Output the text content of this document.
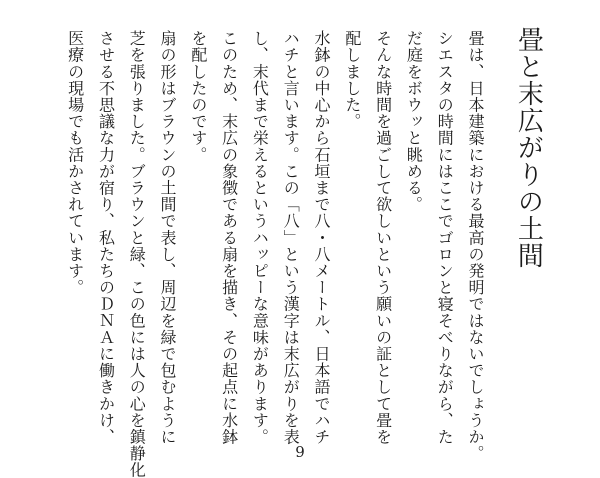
畳と末広がりの土間
畳は、日本建築における最高の発明ではないでしょうか。
シエスタの時間にはここでゴロンと寝そべりながら、た
だ庭をボウッと眺める。
そんな時間を過ごして欲しいという願いの証として畳を
配しました。
水鉢の中心から石垣まで八・八メートル、日本語でハチ
ハチと言います。この「八」という漢字は末広がりを表
し、末代まで栄えるというハッピーな意味があります。
このため、末広の象徴である扇を描き、その起点に水鉢
を配したのです。
扇の形はブラウンの土間で表し、周辺を緑で包むように
芝を張りました。ブラウンと緑、この色には人の心を鎮静化
させる不思議な力が宿り、私たちのＤＮＡに働きかけ、
医療の現場でも活かされています。
9
